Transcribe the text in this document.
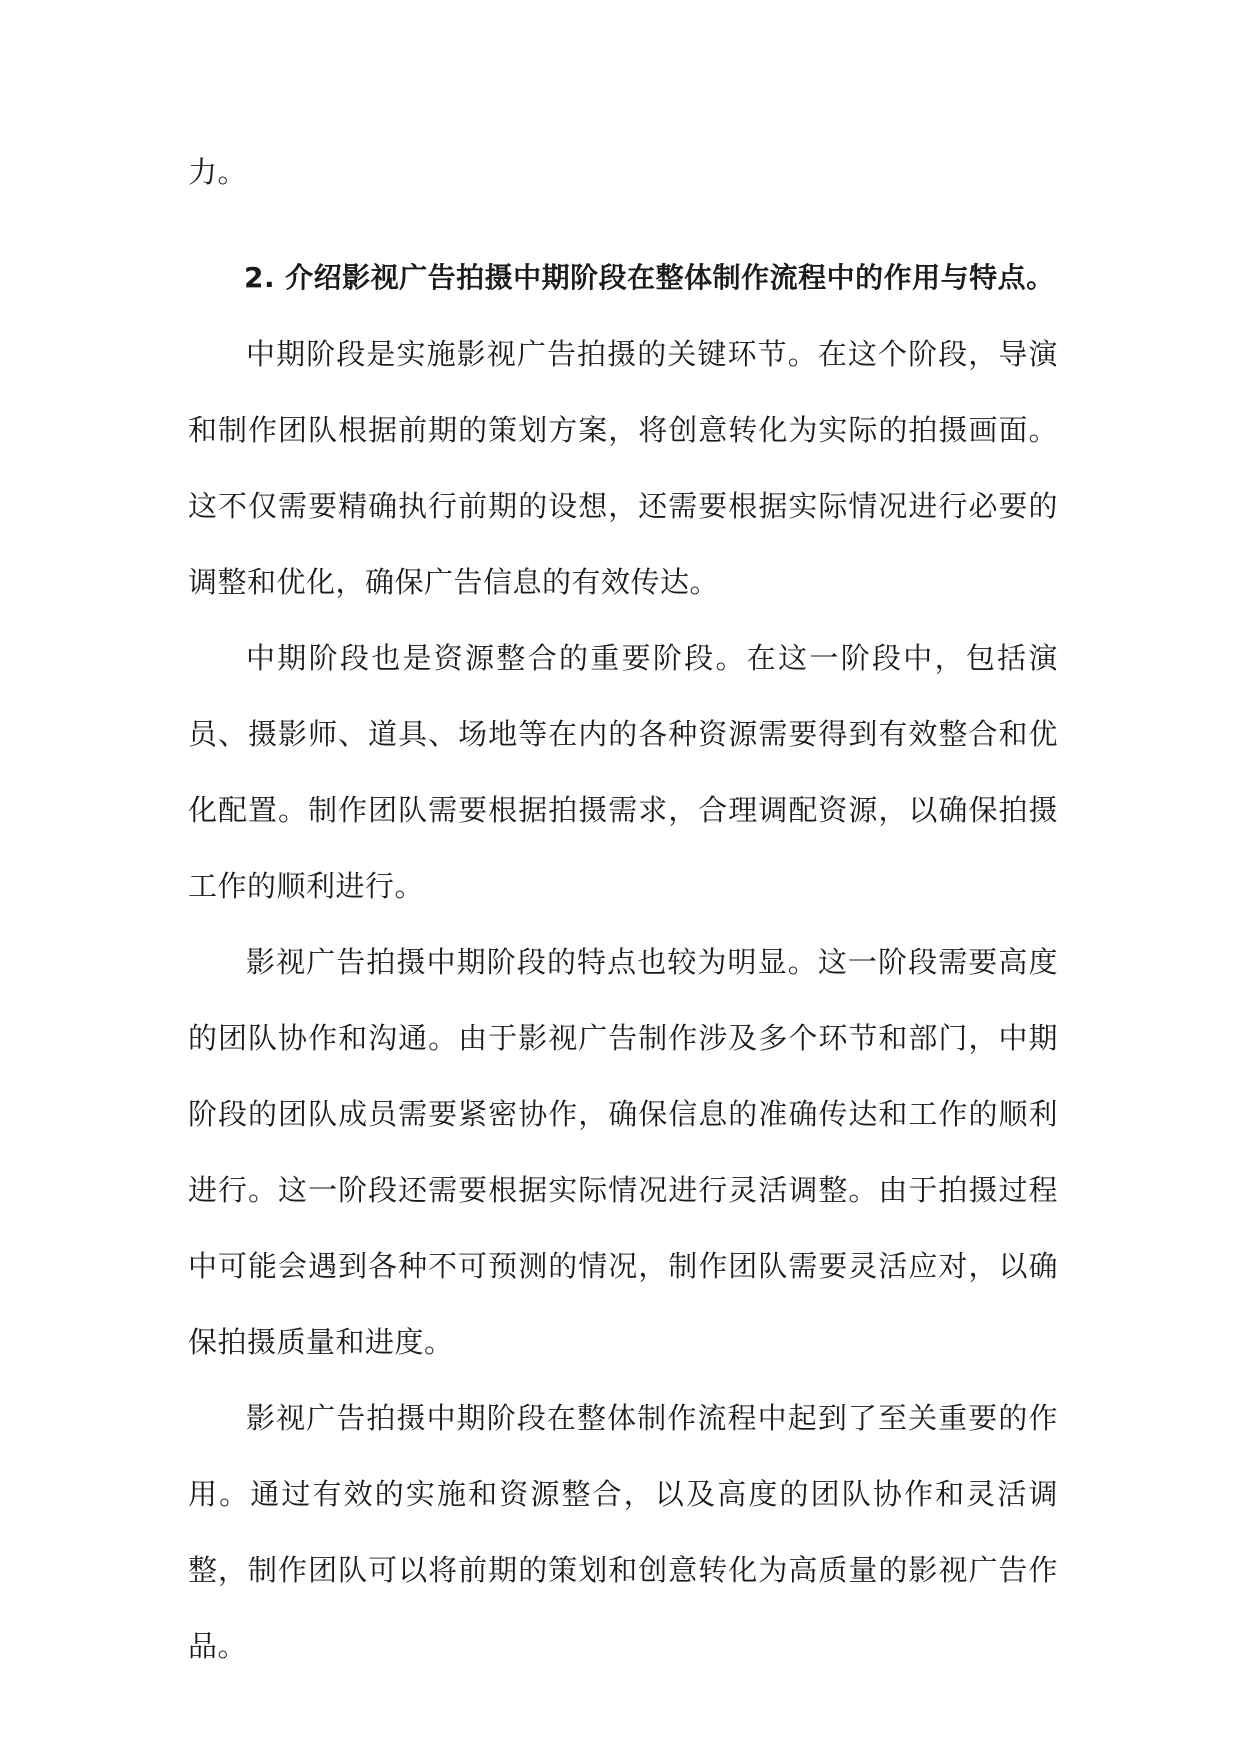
力。
2. 介绍影视广告拍摄中期阶段在整体制作流程中的作用与特点。
中期阶段是实施影视广告拍摄的关键环节。在这个阶段，导演和制作团队根据前期的策划方案，将创意转化为实际的拍摄画面。这不仅需要精确执行前期的设想，还需要根据实际情况进行必要的调整和优化，确保广告信息的有效传达。
中期阶段也是资源整合的重要阶段。在这一阶段中，包括演员、摄影师、道具、场地等在内的各种资源需要得到有效整合和优化配置。制作团队需要根据拍摄需求，合理调配资源，以确保拍摄工作的顺利进行。
影视广告拍摄中期阶段的特点也较为明显。这一阶段需要高度的团队协作和沟通。由于影视广告制作涉及多个环节和部门，中期阶段的团队成员需要紧密协作，确保信息的准确传达和工作的顺利进行。这一阶段还需要根据实际情况进行灵活调整。由于拍摄过程中可能会遇到各种不可预测的情况，制作团队需要灵活应对，以确保拍摄质量和进度。
影视广告拍摄中期阶段在整体制作流程中起到了至关重要的作用。通过有效的实施和资源整合，以及高度的团队协作和灵活调整，制作团队可以将前期的策划和创意转化为高质量的影视广告作品。
